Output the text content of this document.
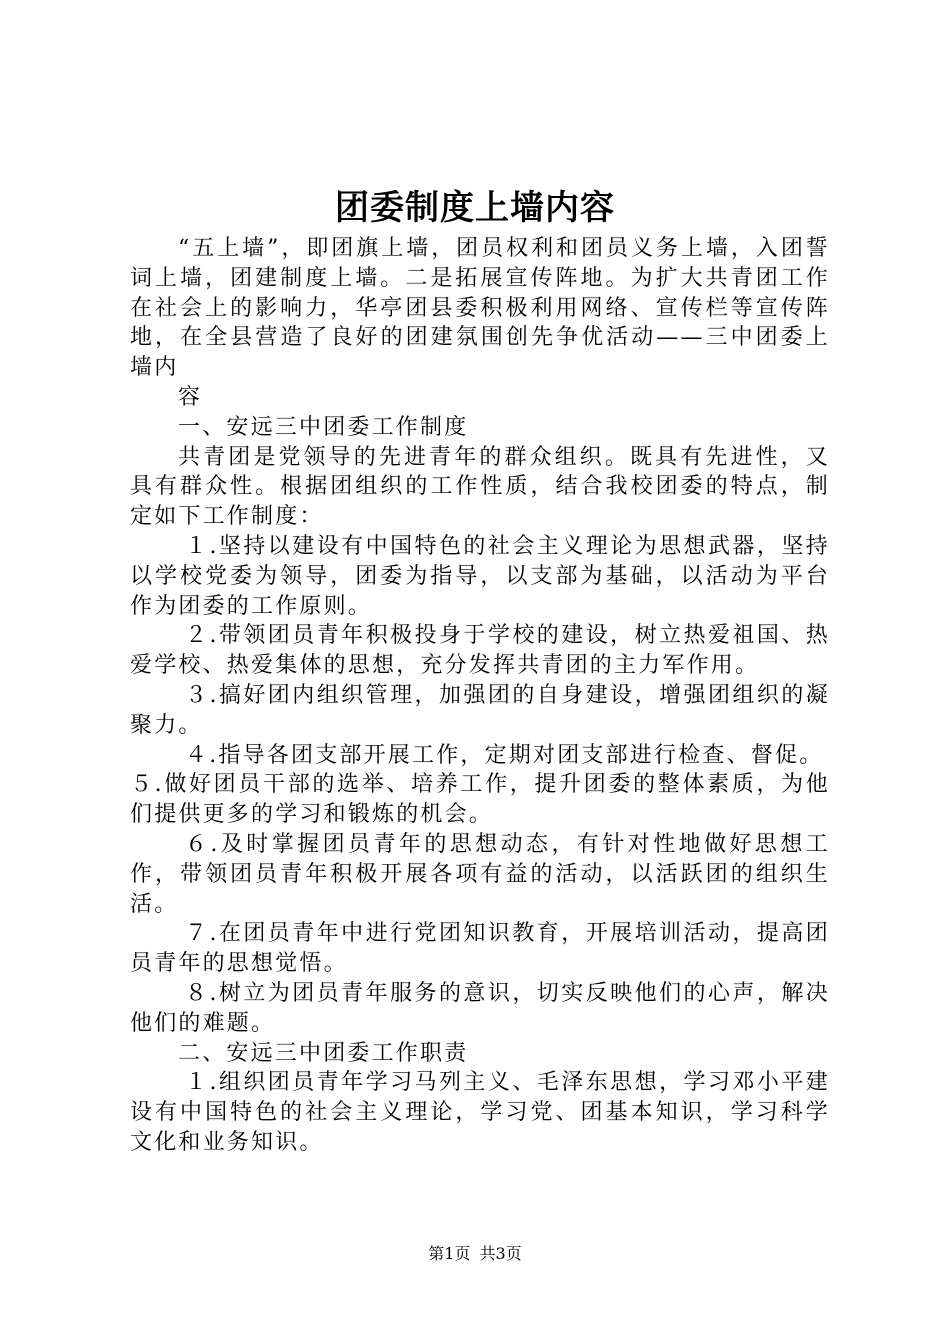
团委制度上墙内容

“五上墙”，即团旗上墙，团员权利和团员义务上墙，入团誓词上墙，团建制度上墙。二是拓展宣传阵地。为扩大共青团工作在社会上的影响力，华亭团县委积极利用网络、宣传栏等宣传阵地，在全县营造了良好的团建氛围创先争优活动——三中团委上墙内

容

一、安远三中团委工作制度

共青团是党领导的先进青年的群众组织。既具有先进性，又具有群众性。根据团组织的工作性质，结合我校团委的特点，制定如下工作制度：

１.坚持以建设有中国特色的社会主义理论为思想武器，坚持以学校党委为领导，团委为指导，以支部为基础，以活动为平台作为团委的工作原则。

２.带领团员青年积极投身于学校的建设，树立热爱祖国、热爱学校、热爱集体的思想，充分发挥共青团的主力军作用。

３.搞好团内组织管理，加强团的自身建设，增强团组织的凝聚力。

４.指导各团支部开展工作，定期对团支部进行检查、督促。

５.做好团员干部的选举、培养工作，提升团委的整体素质，为他们提供更多的学习和锻炼的机会。

６.及时掌握团员青年的思想动态，有针对性地做好思想工作，带领团员青年积极开展各项有益的活动，以活跃团的组织生活。

７.在团员青年中进行党团知识教育，开展培训活动，提高团员青年的思想觉悟。

８.树立为团员青年服务的意识，切实反映他们的心声，解决他们的难题。

二、安远三中团委工作职责

１.组织团员青年学习马列主义、毛泽东思想，学习邓小平建设有中国特色的社会主义理论，学习党、团基本知识，学习科学文化和业务知识。

第1页 共3页
